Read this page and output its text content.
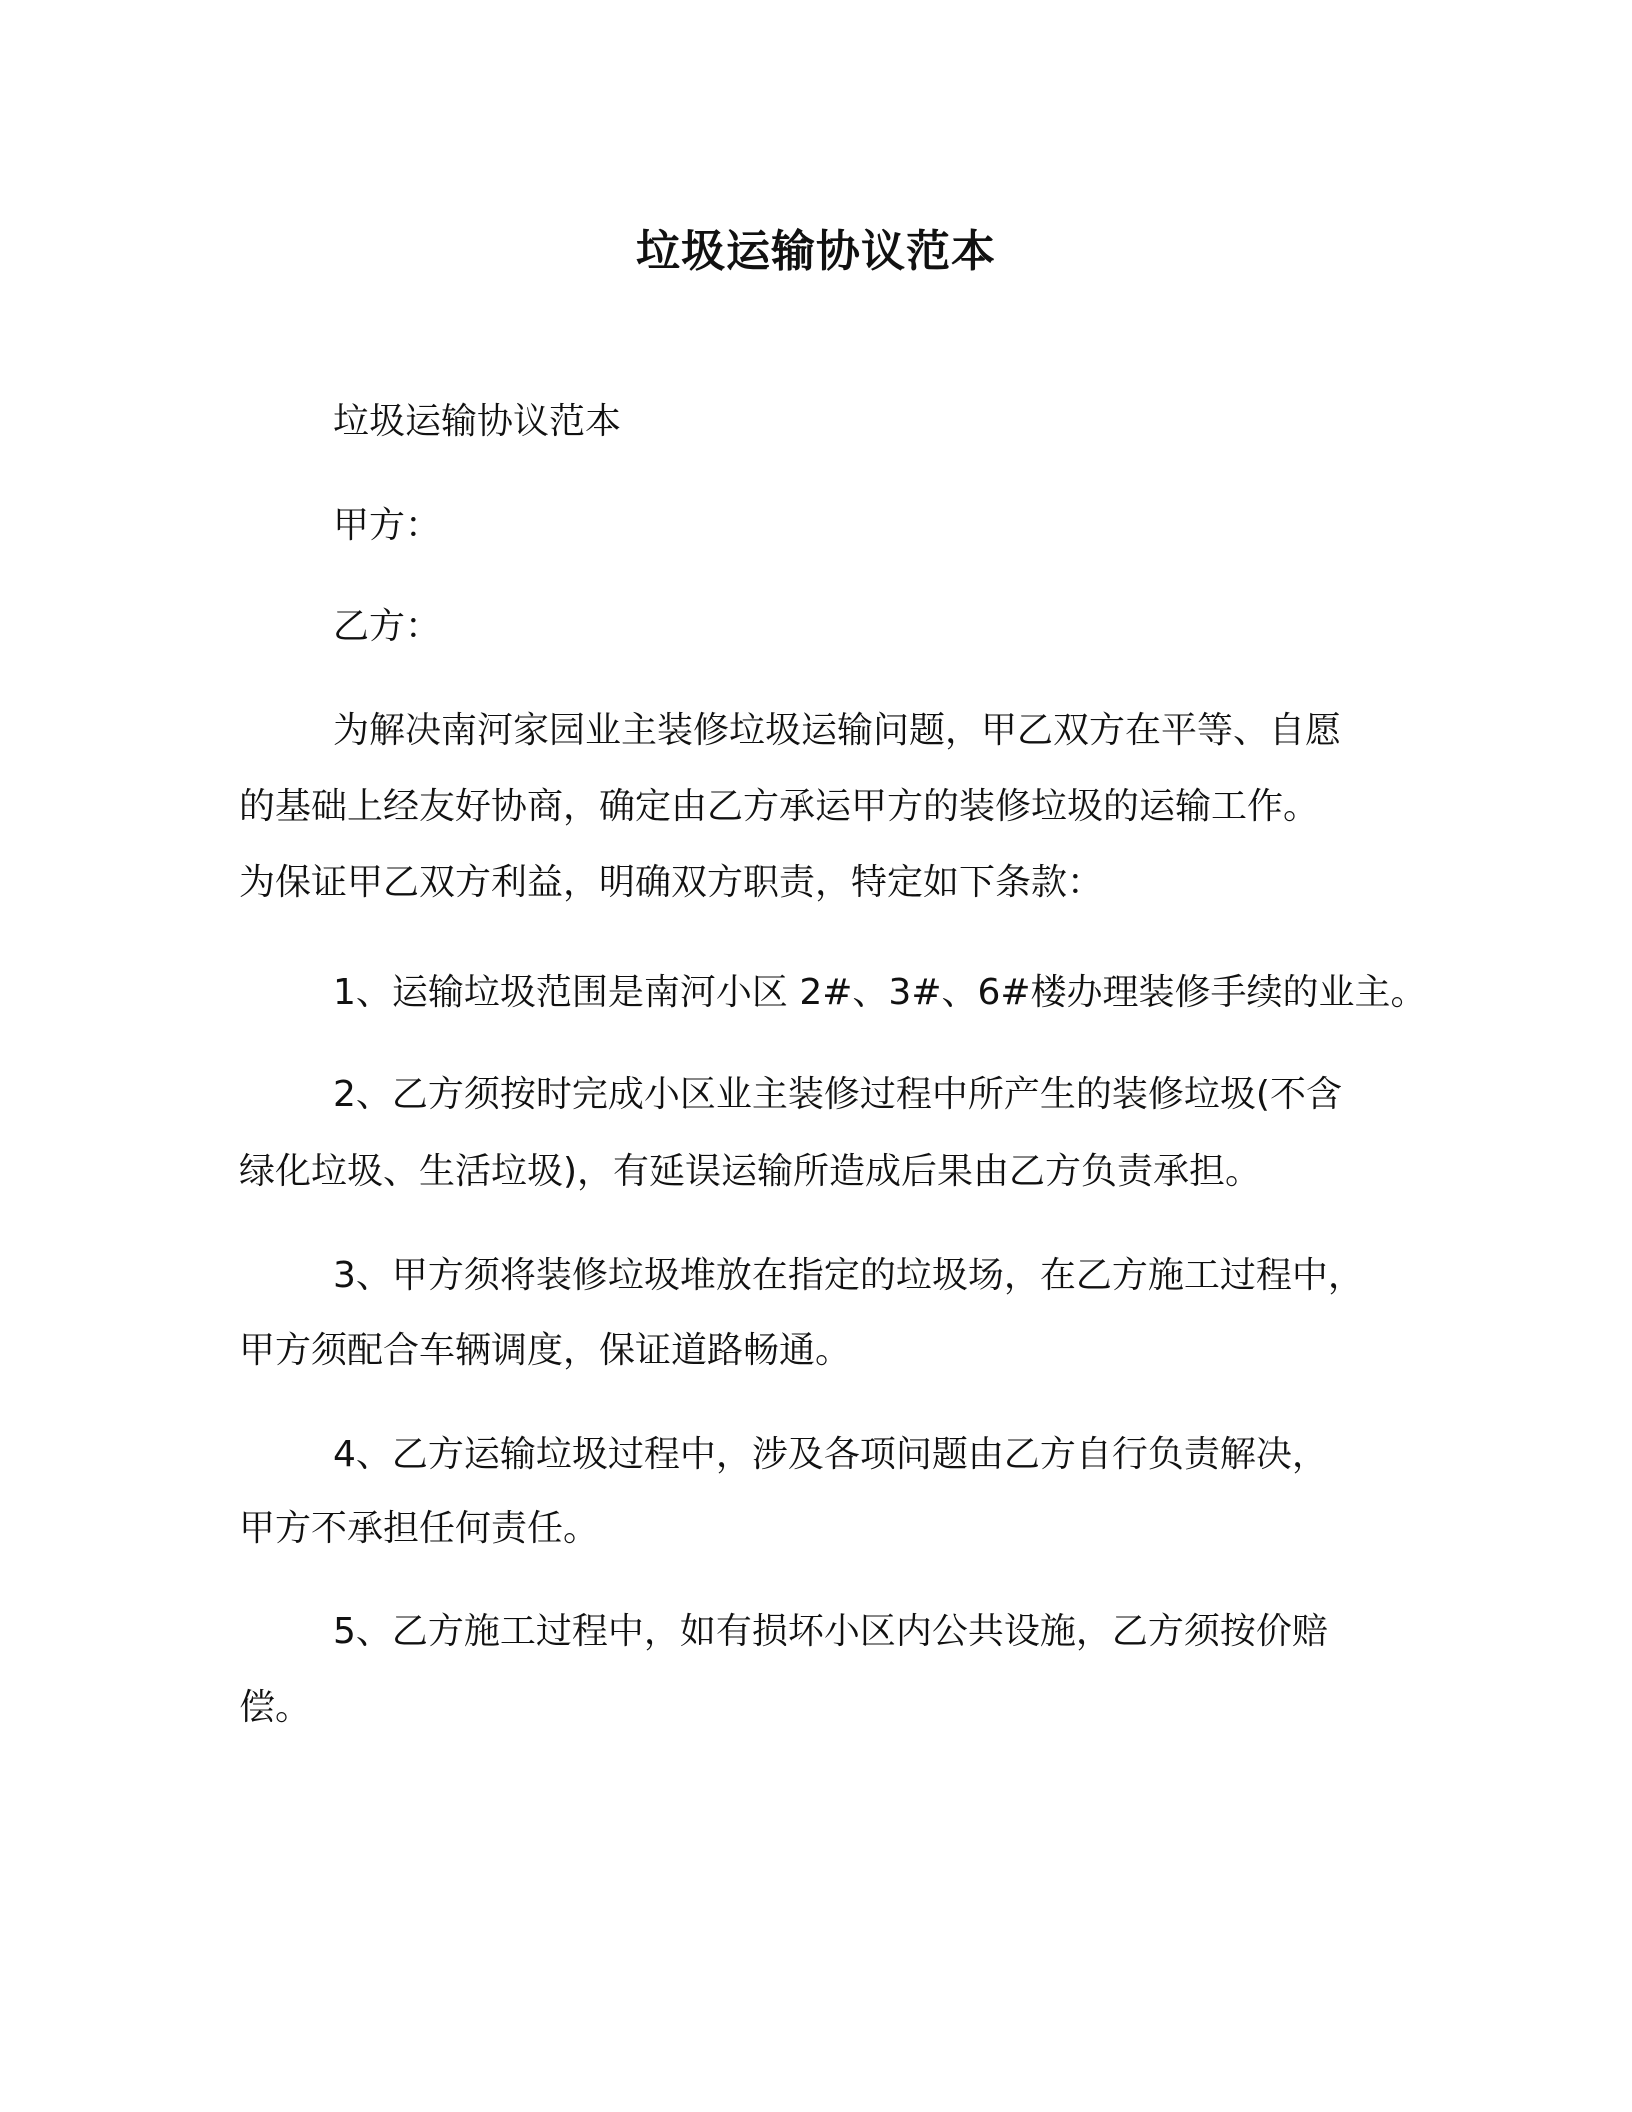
垃圾运输协议范本

垃圾运输协议范本

甲方：

乙方：

为解决南河家园业主装修垃圾运输问题，甲乙双方在平等、自愿

的基础上经友好协商，确定由乙方承运甲方的装修垃圾的运输工作。

为保证甲乙双方利益，明确双方职责，特定如下条款：

1、运输垃圾范围是南河小区 2#、3#、6#楼办理装修手续的业主。

2、乙方须按时完成小区业主装修过程中所产生的装修垃圾(不含

绿化垃圾、生活垃圾)，有延误运输所造成后果由乙方负责承担。

3、甲方须将装修垃圾堆放在指定的垃圾场，在乙方施工过程中，

甲方须配合车辆调度，保证道路畅通。

4、乙方运输垃圾过程中，涉及各项问题由乙方自行负责解决，

甲方不承担任何责任。

5、乙方施工过程中，如有损坏小区内公共设施，乙方须按价赔

偿。
